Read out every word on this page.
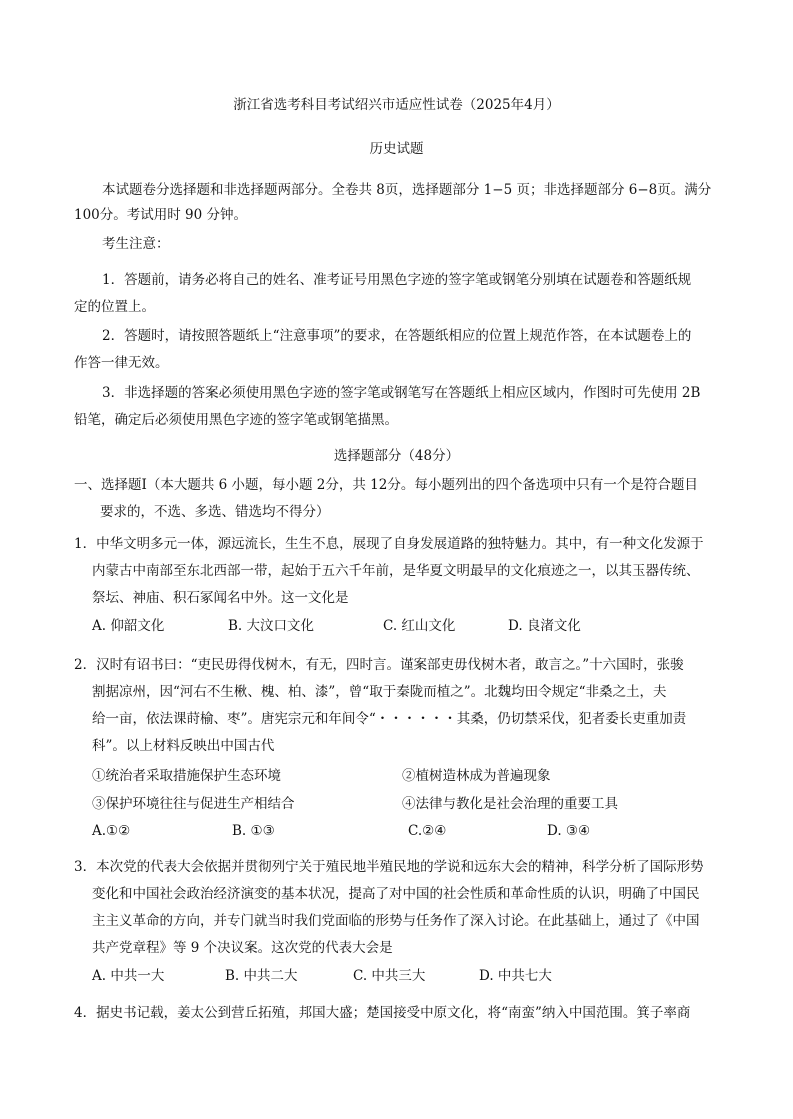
浙江省选考科目考试绍兴市适应性试卷（2025年4月）
历史试题
本试题卷分选择题和非选择题两部分。全卷共 8页，选择题部分 1−5 页；非选择题部分 6−8页。满分
100分。考试用时 90 分钟。
考生注意：
1．答题前，请务必将自己的姓名、准考证号用黑色字迹的签字笔或钢笔分别填在试题卷和答题纸规
定的位置上。
2．答题时，请按照答题纸上“注意事项”的要求，在答题纸相应的位置上规范作答，在本试题卷上的
作答一律无效。
3．非选择题的答案必须使用黑色字迹的签字笔或钢笔写在答题纸上相应区域内，作图时可先使用 2B
铅笔，确定后必须使用黑色字迹的签字笔或钢笔描黑。
选择题部分（48分）
一、选择题Ⅰ（本大题共 6 小题，每小题 2分，共 12分。每小题列出的四个备选项中只有一个是符合题目
要求的，不选、多选、错选均不得分）
1．中华文明多元一体，源远流长，生生不息，展现了自身发展道路的独特魅力。其中，有一种文化发源于
内蒙古中南部至东北西部一带，起始于五六千年前，是华夏文明最早的文化痕迹之一，以其玉器传统、
祭坛、神庙、积石冢闻名中外。这一文化是
A. 仰韶文化	B. 大汶口文化	C. 红山文化	D. 良渚文化
2．汉时有诏书曰：“吏民毋得伐树木，有无，四时言。谨案部吏毋伐树木者，敢言之。”十六国时，张骏
割据凉州，因“河右不生楸、槐、柏、漆”，曾“取于秦陇而植之”。北魏均田令规定“非桑之土，夫
给一亩，依法课莳榆、枣”。唐宪宗元和年间令“・・・・・・其桑，仍切禁采伐，犯者委长吏重加责
科”。以上材料反映出中国古代
①统治者采取措施保护生态环境	②植树造林成为普遍现象
③保护环境往往与促进生产相结合	④法律与教化是社会治理的重要工具
A.①②	B. ①③	C.②④	D. ③④
3．本次党的代表大会依据并贯彻列宁关于殖民地半殖民地的学说和远东大会的精神，科学分析了国际形势
变化和中国社会政治经济演变的基本状况，提高了对中国的社会性质和革命性质的认识，明确了中国民
主主义革命的方向，并专门就当时我们党面临的形势与任务作了深入讨论。在此基础上，通过了《中国
共产党章程》等 9 个决议案。这次党的代表大会是
A. 中共一大	B. 中共二大	C. 中共三大	D. 中共七大
4．据史书记载，姜太公到营丘拓殖，邦国大盛；楚国接受中原文化，将“南蛮”纳入中国范围。箕子率商
